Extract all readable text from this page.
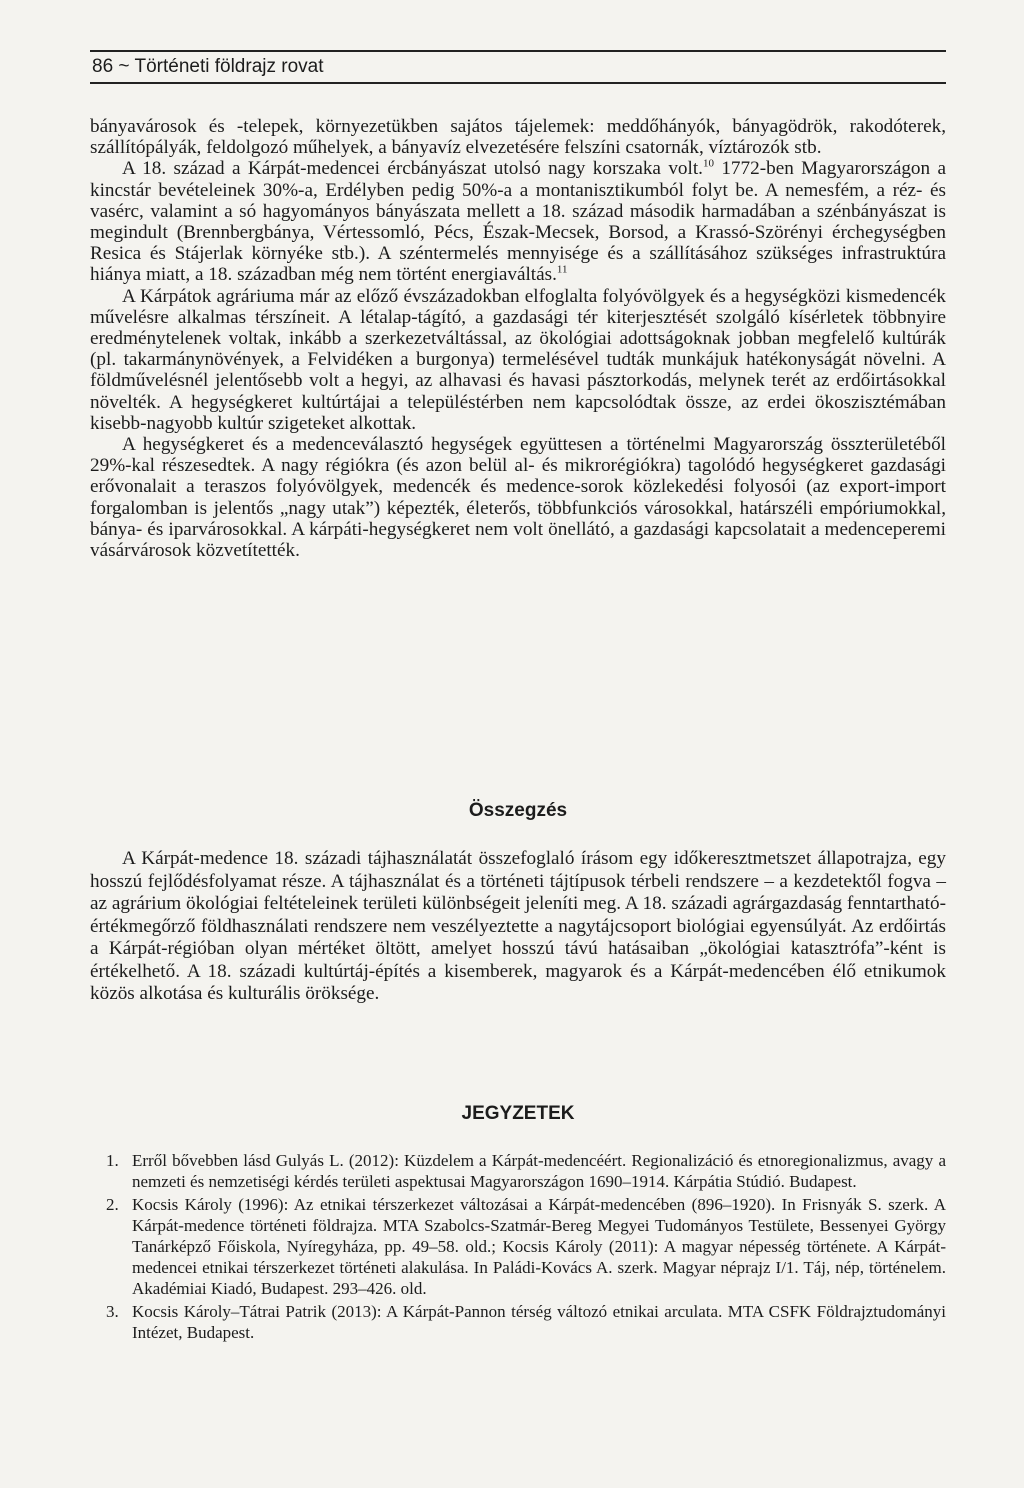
86 ~ Történeti földrajz rovat

bányavárosok és -telepek, környezetükben sajátos tájelemek: meddőhányók, bányagödrök, rakodóterek, szállítópályák, feldolgozó műhelyek, a bányavíz elvezetésére felszíni csatornák, víztározók stb.

A 18. század a Kárpát-medencei ércbányászat utolsó nagy korszaka volt.$^{10}$ 1772-ben Magyarországon a kincstár bevételeinek 30%-a, Erdélyben pedig 50%-a a montanisztikumból folyt be. A nemesfém, a réz- és vasérc, valamint a só hagyományos bányászata mellett a 18. század második harmadában a szénbányászat is megindult (Brennbergbánya, Vértessomló, Pécs, Észak-Mecsek, Borsod, a Krassó-Szörényi érchegységben Resica és Stájerlak környéke stb.). A széntermelés mennyisége és a szállításához szükséges infrastruktúra hiánya miatt, a 18. században még nem történt energiaváltás.$^{11}$

A Kárpátok agráriuma már az előző évszázadokban elfoglalta folyóvölgyek és a hegységközi kismedencék művelésre alkalmas térszíneit. A létalap-tágító, a gazdasági tér kiterjesztését szolgáló kísérletek többnyire eredménytelenek voltak, inkább a szerkezetváltással, az ökológiai adottságoknak jobban megfelelő kultúrák (pl. takarmánynövények, a Felvidéken a burgonya) termelésével tudták munkájuk hatékonyságát növelni. A földművelésnél jelentősebb volt a hegyi, az alhavasi és havasi pásztorkodás, melynek terét az erdőirtásokkal növelték. A hegységkeret kultúrtájai a településtérben nem kapcsolódtak össze, az erdei ökoszisztémában kisebb-nagyobb kultúr szigeteket alkottak.

A hegységkeret és a medenceválasztó hegységek együttesen a történelmi Magyarország összterületéből 29%-kal részesedtek. A nagy régiókra (és azon belül al- és mikrorégiókra) tagolódó hegységkeret gazdasági erővonalait a teraszos folyóvölgyek, medencék és medence-sorok közlekedési folyosói (az export-import forgalomban is jelentős „nagy utak”) képezték, életerős, többfunkciós városokkal, határszéli empóriumokkal, bánya- és iparvárosokkal. A kárpáti-hegységkeret nem volt önellátó, a gazdasági kapcsolatait a medenceperemi vásárvárosok közvetítették.

Összegzés

A Kárpát-medence 18. századi tájhasználatát összefoglaló írásom egy időkeresztmetszet állapotrajza, egy hosszú fejlődésfolyamat része. A tájhasználat és a történeti tájtípusok térbeli rendszere – a kezdetektől fogva – az agrárium ökológiai feltételeinek területi különbségeit jeleníti meg. A 18. századi agrárgazdaság fenntartható-értékmegőrző földhasználati rendszere nem veszélyeztette a nagytájcsoport biológiai egyensúlyát. Az erdőirtás a Kárpát-régióban olyan mértéket öltött, amelyet hosszú távú hatásaiban „ökológiai katasztrófa”-ként is értékelhető. A 18. századi kultúrtáj-építés a kisemberek, magyarok és a Kárpát-medencében élő etnikumok közös alkotása és kulturális öröksége.

JEGYZETEK
1. Erről bővebben lásd Gulyás L. (2012): Küzdelem a Kárpát-medencéért. Regionalizáció és etnoregionalizmus, avagy a nemzeti és nemzetiségi kérdés területi aspektusai Magyarországon 1690–1914. Kárpátia Stúdió. Budapest.
2. Kocsis Károly (1996): Az etnikai térszerkezet változásai a Kárpát-medencében (896–1920). In Frisnyák S. szerk. A Kárpát-medence történeti földrajza. MTA Szabolcs-Szatmár-Bereg Megyei Tudományos Testülete, Bessenyei György Tanárképző Főiskola, Nyíregyháza, pp. 49–58. old.; Kocsis Károly (2011): A magyar népesség története. A Kárpát-medencei etnikai térszerkezet történeti alakulása. In Paládi-Kovács A. szerk. Magyar néprajz I/1. Táj, nép, történelem. Akadémiai Kiadó, Budapest. 293–426. old.
3. Kocsis Károly–Tátrai Patrik (2013): A Kárpát-Pannon térség változó etnikai arculata. MTA CSFK Földrajztudományi Intézet, Budapest.
